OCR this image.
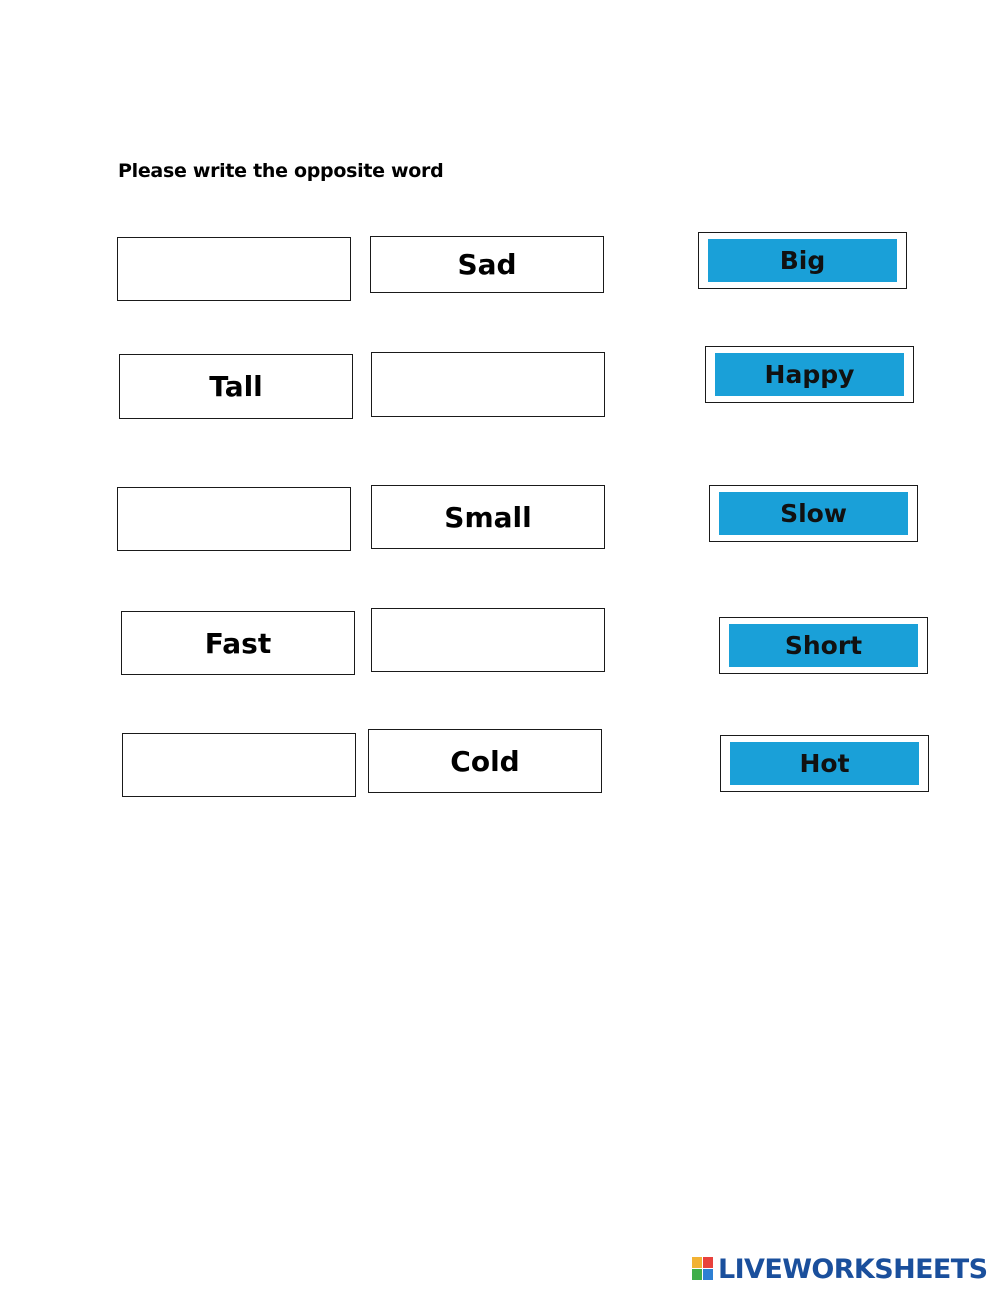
Please write the opposite word
Sad
Tall
Small
Fast
Cold
Big
Happy
Slow
Short
Hot
LIVEWORKSHEETS
